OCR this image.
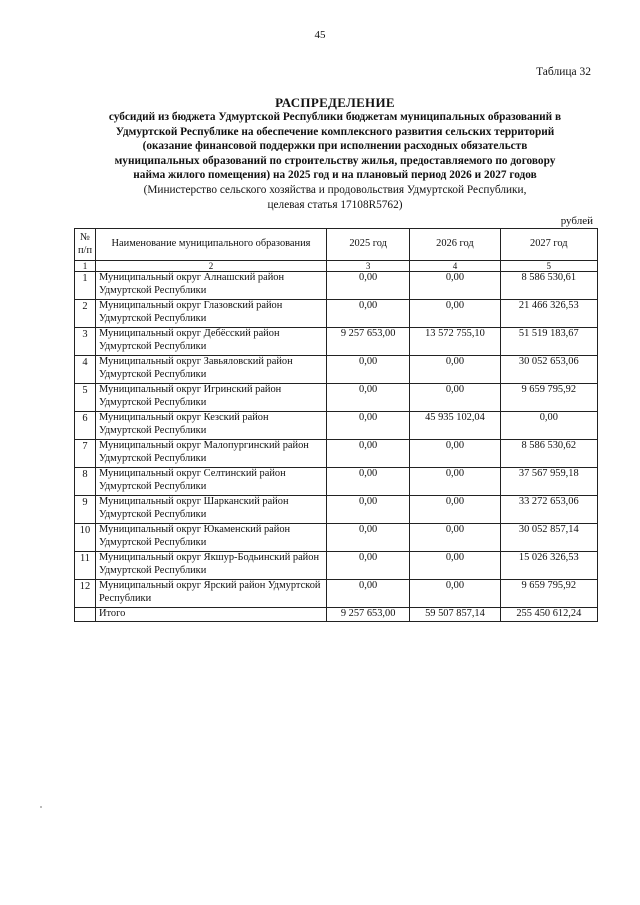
45
Таблица 32
РАСПРЕДЕЛЕНИЕ
субсидий из бюджета Удмуртской Республики бюджетам муниципальных образований в
Удмуртской Республике на обеспечение комплексного развития сельских территорий
(оказание финансовой поддержки при исполнении расходных обязательств
муниципальных образований по строительству жилья, предоставляемого по договору
найма жилого помещения) на 2025 год и на плановый период 2026 и 2027 годов
(Министерство сельского хозяйства и продовольствия Удмуртской Республики,
целевая статья 17108R5762)
рублей
№ п/п	Наименование муниципального образования	2025 год	2026 год	2027 год
1	2	3	4	5
1	Муниципальный округ Алнашский район Удмуртской Республики	0,00	0,00	8 586 530,61
2	Муниципальный округ Глазовский район Удмуртской Республики	0,00	0,00	21 466 326,53
3	Муниципальный округ Дебёсский район Удмуртской Республики	9 257 653,00	13 572 755,10	51 519 183,67
4	Муниципальный округ Завьяловский район Удмуртской Республики	0,00	0,00	30 052 653,06
5	Муниципальный округ Игринский район Удмуртской Республики	0,00	0,00	9 659 795,92
6	Муниципальный округ Кезский район Удмуртской Республики	0,00	45 935 102,04	0,00
7	Муниципальный округ Малопургинский район Удмуртской Республики	0,00	0,00	8 586 530,62
8	Муниципальный округ Селтинский район Удмуртской Республики	0,00	0,00	37 567 959,18
9	Муниципальный округ Шарканский район Удмуртской Республики	0,00	0,00	33 272 653,06
10	Муниципальный округ Юкаменский район Удмуртской Республики	0,00	0,00	30 052 857,14
11	Муниципальный округ Якшур-Бодьинский район Удмуртской Республики	0,00	0,00	15 026 326,53
12	Муниципальный округ Ярский район Удмуртской Республики	0,00	0,00	9 659 795,92
	Итого	9 257 653,00	59 507 857,14	255 450 612,24
